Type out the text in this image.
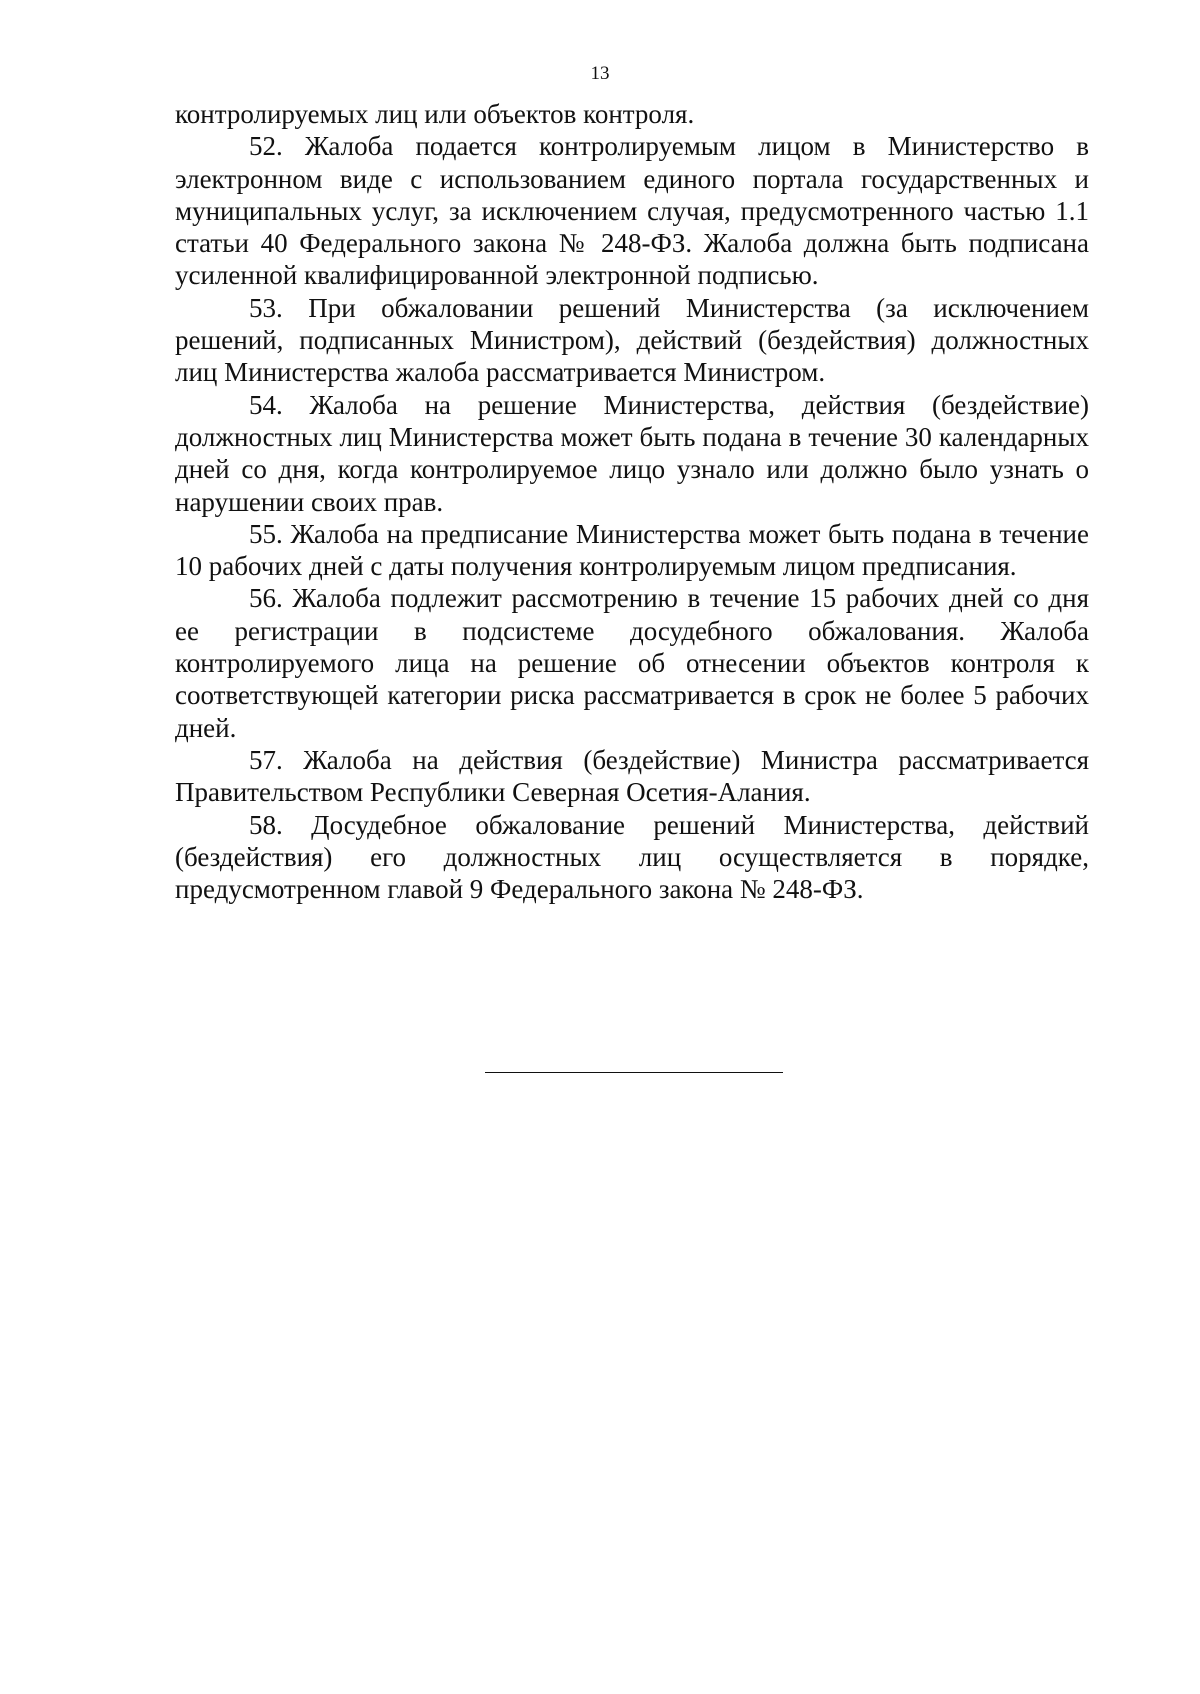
13

контролируемых лиц или объектов контроля.

52. Жалоба подается контролируемым лицом в Министерство в электронном виде с использованием единого портала государственных и муниципальных услуг, за исключением случая, предусмотренного частью 1.1 статьи 40 Федерального закона № 248-ФЗ. Жалоба должна быть подписана усиленной квалифицированной электронной подписью.

53. При обжаловании решений Министерства (за исключением решений, подписанных Министром), действий (бездействия) должностных лиц Министерства жалоба рассматривается Министром.

54. Жалоба на решение Министерства, действия (бездействие) должностных лиц Министерства может быть подана в течение 30 календарных дней со дня, когда контролируемое лицо узнало или должно было узнать о нарушении своих прав.

55. Жалоба на предписание Министерства может быть подана в течение 10 рабочих дней с даты получения контролируемым лицом предписания.

56. Жалоба подлежит рассмотрению в течение 15 рабочих дней со дня ее регистрации в подсистеме досудебного обжалования. Жалоба контролируемого лица на решение об отнесении объектов контроля к соответствующей категории риска рассматривается в срок не более 5 рабочих дней.

57. Жалоба на действия (бездействие) Министра рассматривается Правительством Республики Северная Осетия-Алания.

58. Досудебное обжалование решений Министерства, действий (бездействия) его должностных лиц осуществляется в порядке, предусмотренном главой 9 Федерального закона № 248-ФЗ.
